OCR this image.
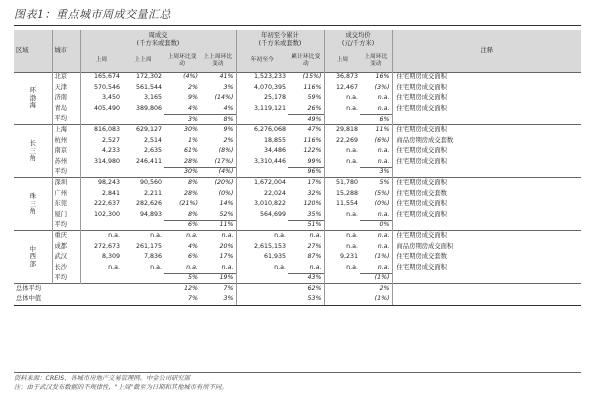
图表1：重点城市周成交量汇总
区域	城市	周成交
(千方米或套数)				年初至今累计
(千方米或套数)		成交均价
(元/千方米)		注释
		上周	上上周	上周环比变动	上上周环比变动	年初至今	累计环比变动	上周	上周环比变动	
环
渤
海	北京	165,674	172,302	(4%)	41%	1,523,233	(15%)	36,873	16%	住宅期房成交面积
	天津	570,546	561,544	2%	3%	4,070,395	116%	12,467	(3%)	住宅期房成交面积
	济南	3,450	3,165	9%	(14%)	25,178	59%	n.a.	n.a.	住宅期房成交面积
	青岛	405,490	389,806	4%	4%	3,119,121	26%	n.a.	n.a.	住宅期房成交面积
	平均			3%	8%		49%		6%	
长
三
角	上海	816,083	629,127	30%	9%	6,276,068	47%	29,818	11%	住宅期房成交面积
	杭州	2,527	2,514	1%	2%	18,855	116%	22,269	(6%)	商品房期房成交套数
	南京	4,233	2,635	61%	(8%)	34,486	122%	n.a.	n.a.	住宅期房成交面积
	苏州	314,980	246,411	28%	(17%)	3,310,446	99%	n.a.	n.a.	住宅期房成交面积
	平均			30%	(4%)		96%		3%	
珠
三
角	深圳	98,243	90,560	8%	(20%)	1,672,004	17%	51,780	5%	住宅期房成交面积
	广州	2,841	2,211	28%	(0%)	22,024	32%	15,288	(5%)	住宅期房成交套数
	东莞	222,637	282,626	(21%)	14%	3,010,822	120%	11,554	(0%)	住宅期房成交面积
	厦门	102,300	94,893	8%	52%	564,699	35%	n.a.	n.a.	住宅期房成交面积
	平均			6%	11%		51%		0%	
中
西
部	重庆	n.a.	n.a.	n.a.	n.a.	n.a.	n.a.	n.a.	n.a.	住宅期房成交面积
	成都	272,673	261,175	4%	20%	2,615,153	27%	n.a.	n.a.	商品房期房成交面积
	武汉	8,309	7,836	6%	17%	61,935	87%	9,231	(1%)	住宅期房成交套数
	长沙	n.a.	n.a.	n.a.	n.a.	n.a.	n.a.	n.a.	n.a.	住宅期房成交面积
	平均			5%	19%		43%		(1%)	
总体平均				12%	7%		62%		2%	
总体中值				7%	3%		53%		(1%)	
资料来源：CREIS、各城市房地产交易管理网、中金公司研究部
注：由于武汉发布数据的不规律性，"上周"截至为日期和其他城市有所不同。
